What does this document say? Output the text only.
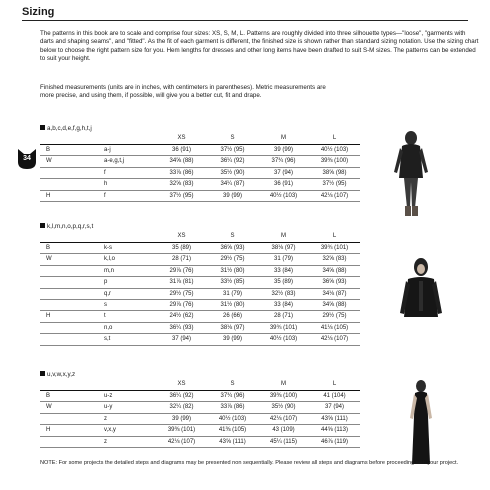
Sizing

The patterns in this book are to scale and comprise four sizes: XS, S, M, L. Patterns are roughly divided into three silhouette types—"loose", "garments with darts and shaping seams", and "fitted". As the fit of each garment is different, the finished size is shown rather than standard sizing notation. Use the sizing chart below to choose the right pattern size for you. Hem lengths for dresses and other long items have been drafted to suit S-M sizes. The patterns can be extended to suit your height.

Finished measurements (units are in inches, with centimeters in parentheses). Metric measurements are more precise, and using them, if possible, will give you a better cut, fit and drape.

34
a,b,c,d,e,f,g,h,t,j
		XS	S	M	L
B	a-j	36 (91)	37½ (95)	39 (99)	40½ (103)
W	a-e,g,t,j	34⅝ (88)	36¼ (92)	37¾ (96)	39⅜ (100)
	f	33⅞ (86)	35½ (90)	37 (94)	38⅝ (98)
	h	32⅝ (83)	34¼ (87)	36 (91)	37½ (95)
H	f	37½ (95)	39 (99)	40½ (103)	42⅛ (107)
k,l,m,n,o,p,q,r,s,t
		XS	S	M	L
B	k-s	35 (89)	36⅝ (93)	38⅛ (97)	39¾ (101)
W	k,l,o	28 (71)	29½ (75)	31 (79)	32⅝ (83)
	m,n	29⅞ (76)	31½ (80)	33 (84)	34⅝ (88)
	p	31⅞ (81)	33½ (85)	35 (89)	36⅝ (93)
	q,r	29½ (75)	31 (79)	32½ (83)	34⅛ (87)
	s	29⅞ (76)	31½ (80)	33 (84)	34⅝ (88)
H	t	24½ (62)	26 (66)	28 (71)	29½ (75)
	n,o	36¼ (93)	38⅛ (97)	39¾ (101)	41⅛ (105)
	s,t	37 (94)	39 (99)	40½ (103)	42⅛ (107)
u,v,w,x,y,z
		XS	S	M	L
B	u-z	36¼ (92)	37¾ (96)	39⅜ (100)	41 (104)
W	u-y	32¼ (82)	33⅞ (86)	35½ (90)	37 (94)
	z	39 (99)	40½ (103)	42⅛ (107)	43⅝ (111)
H	v,x,y	39⅜ (101)	41⅜ (105)	43 (109)	44⅝ (113)
	z	42⅛ (107)	43⅝ (111)	45¼ (115)	46⅞ (119)

NOTE: For some projects the detailed steps and diagrams may be presented non sequentially. Please review all steps and diagrams before proceeding with your project.
